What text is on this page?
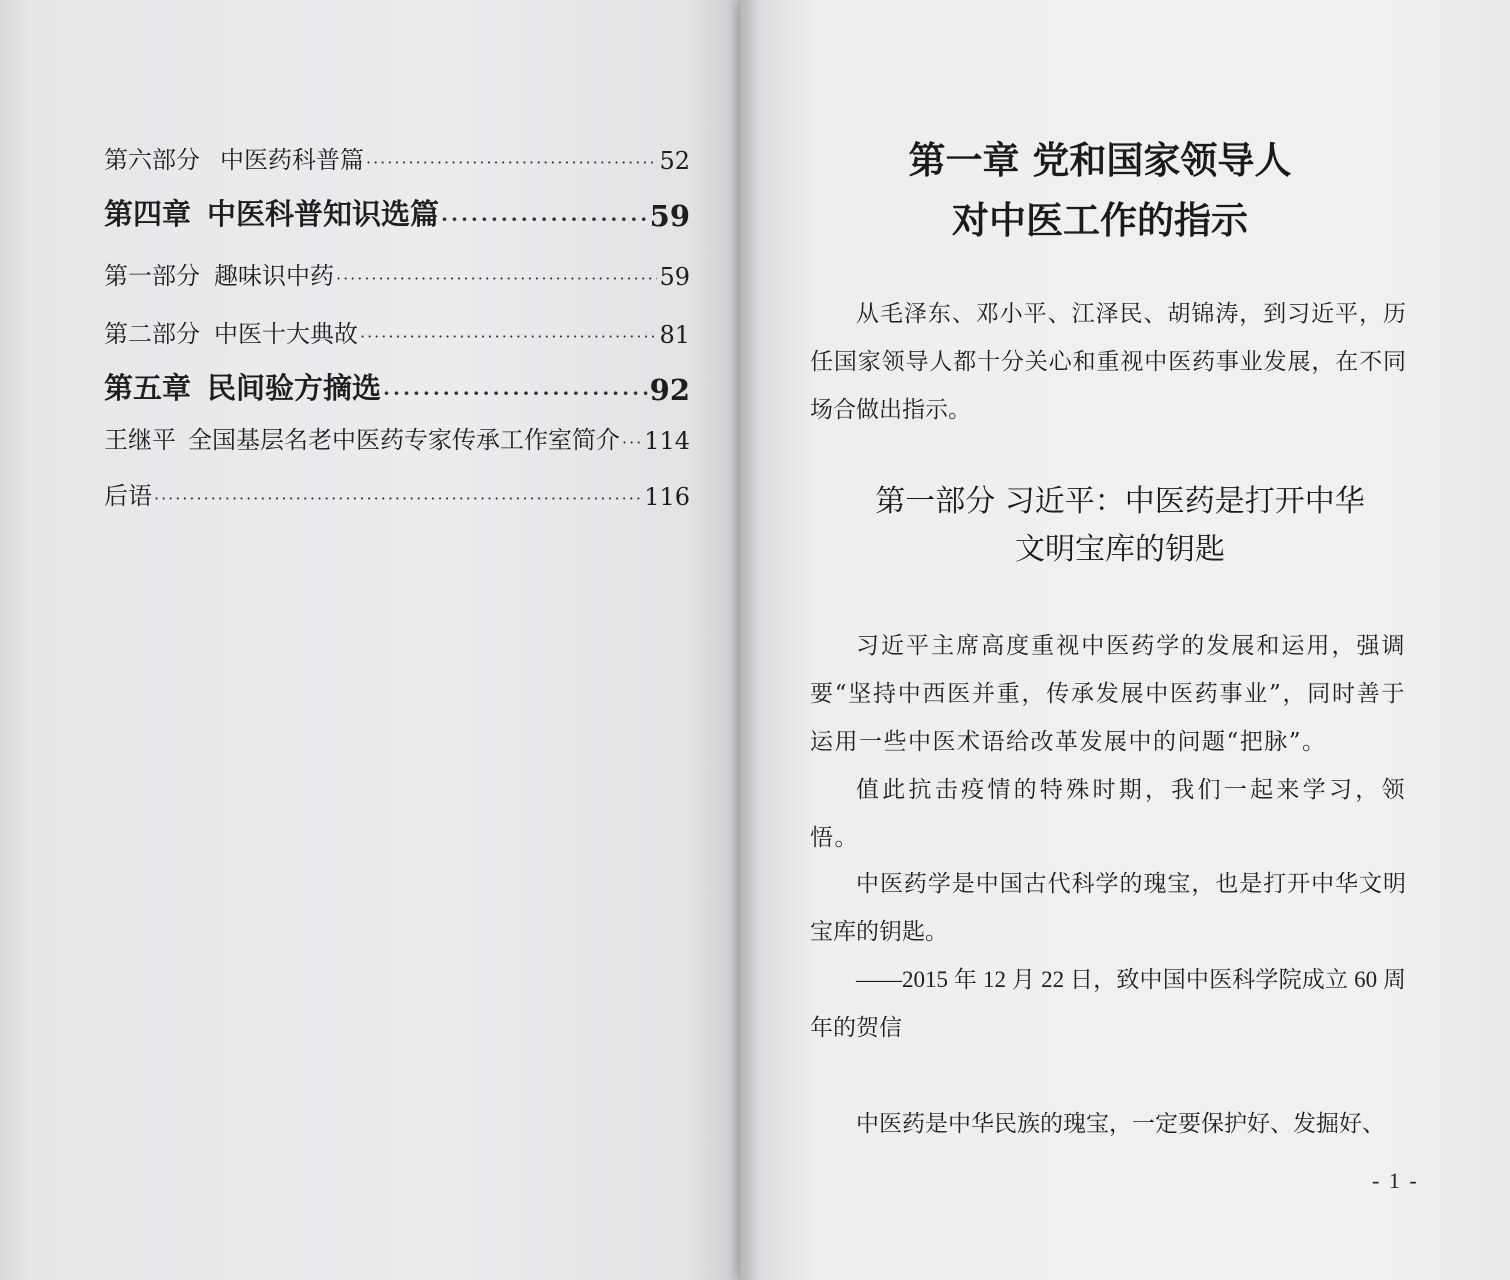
第六部分 中医药科普篇 ·····	52
第四章 中医科普知识选篇 ·····	59
第一部分 趣味识中药 ·····	59
第二部分 中医十大典故 ·····	81
第五章 民间验方摘选 ·····	92
王继平 全国基层名老中医药专家传承工作室简介 ····· 114
后语 ·····	116
第一章 党和国家领导人
对中医工作的指示

从毛泽东、邓小平、江泽民、胡锦涛，到习近平，历任国家领导人都十分关心和重视中医药事业发展，在不同场合做出指示。

第一部分 习近平：中医药是打开中华
文明宝库的钥匙

习近平主席高度重视中医药学的发展和运用，强调要“坚持中西医并重，传承发展中医药事业”，同时善于运用一些中医术语给改革发展中的问题“把脉”。

值此抗击疫情的特殊时期，我们一起来学习，领悟。

中医药学是中国古代科学的瑰宝，也是打开中华文明宝库的钥匙。

——2015 年 12 月 22 日，致中国中医科学院成立 60 周年的贺信

中医药是中华民族的瑰宝，一定要保护好、发掘好、

- 1 -
